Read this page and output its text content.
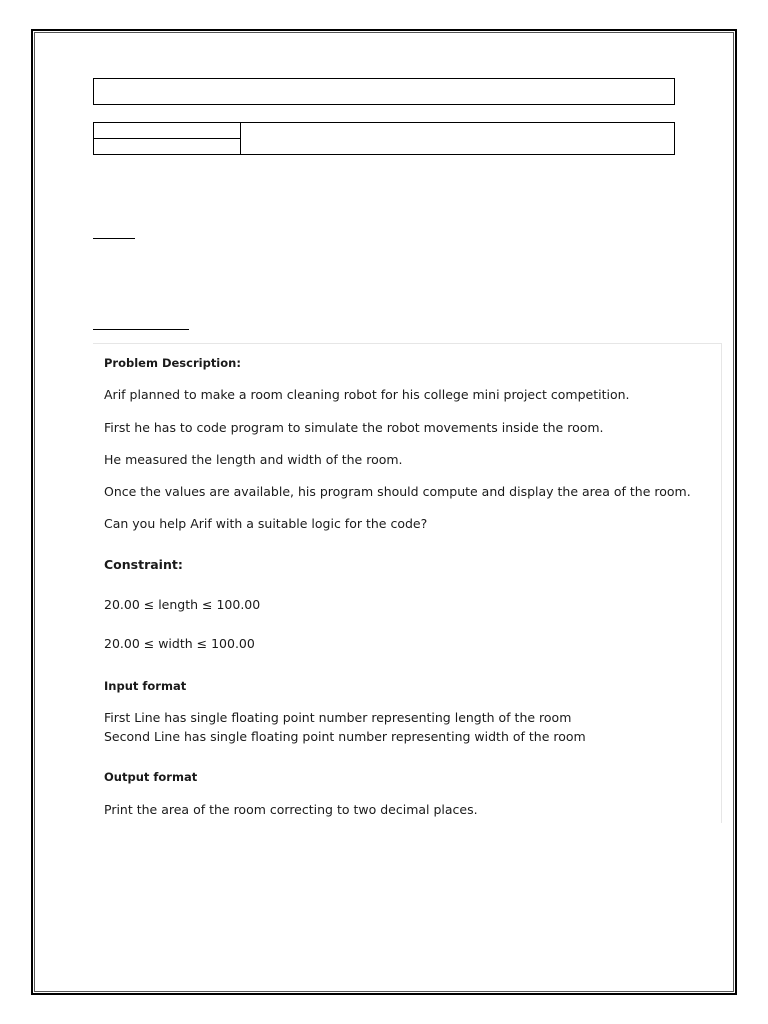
Problem Description:
Arif planned to make a room cleaning robot for his college mini project competition.
First he has to code program to simulate the robot movements inside the room.
He measured the length and width of the room.
Once the values are available, his program should compute and display the area of the room.
Can you help Arif with a suitable logic for the code?
Constraint:
20.00 ≤ length ≤ 100.00
20.00 ≤ width ≤ 100.00
Input format
First Line has single floating point number representing length of the room
Second Line has single floating point number representing width of the room
Output format
Print the area of the room correcting to two decimal places.
